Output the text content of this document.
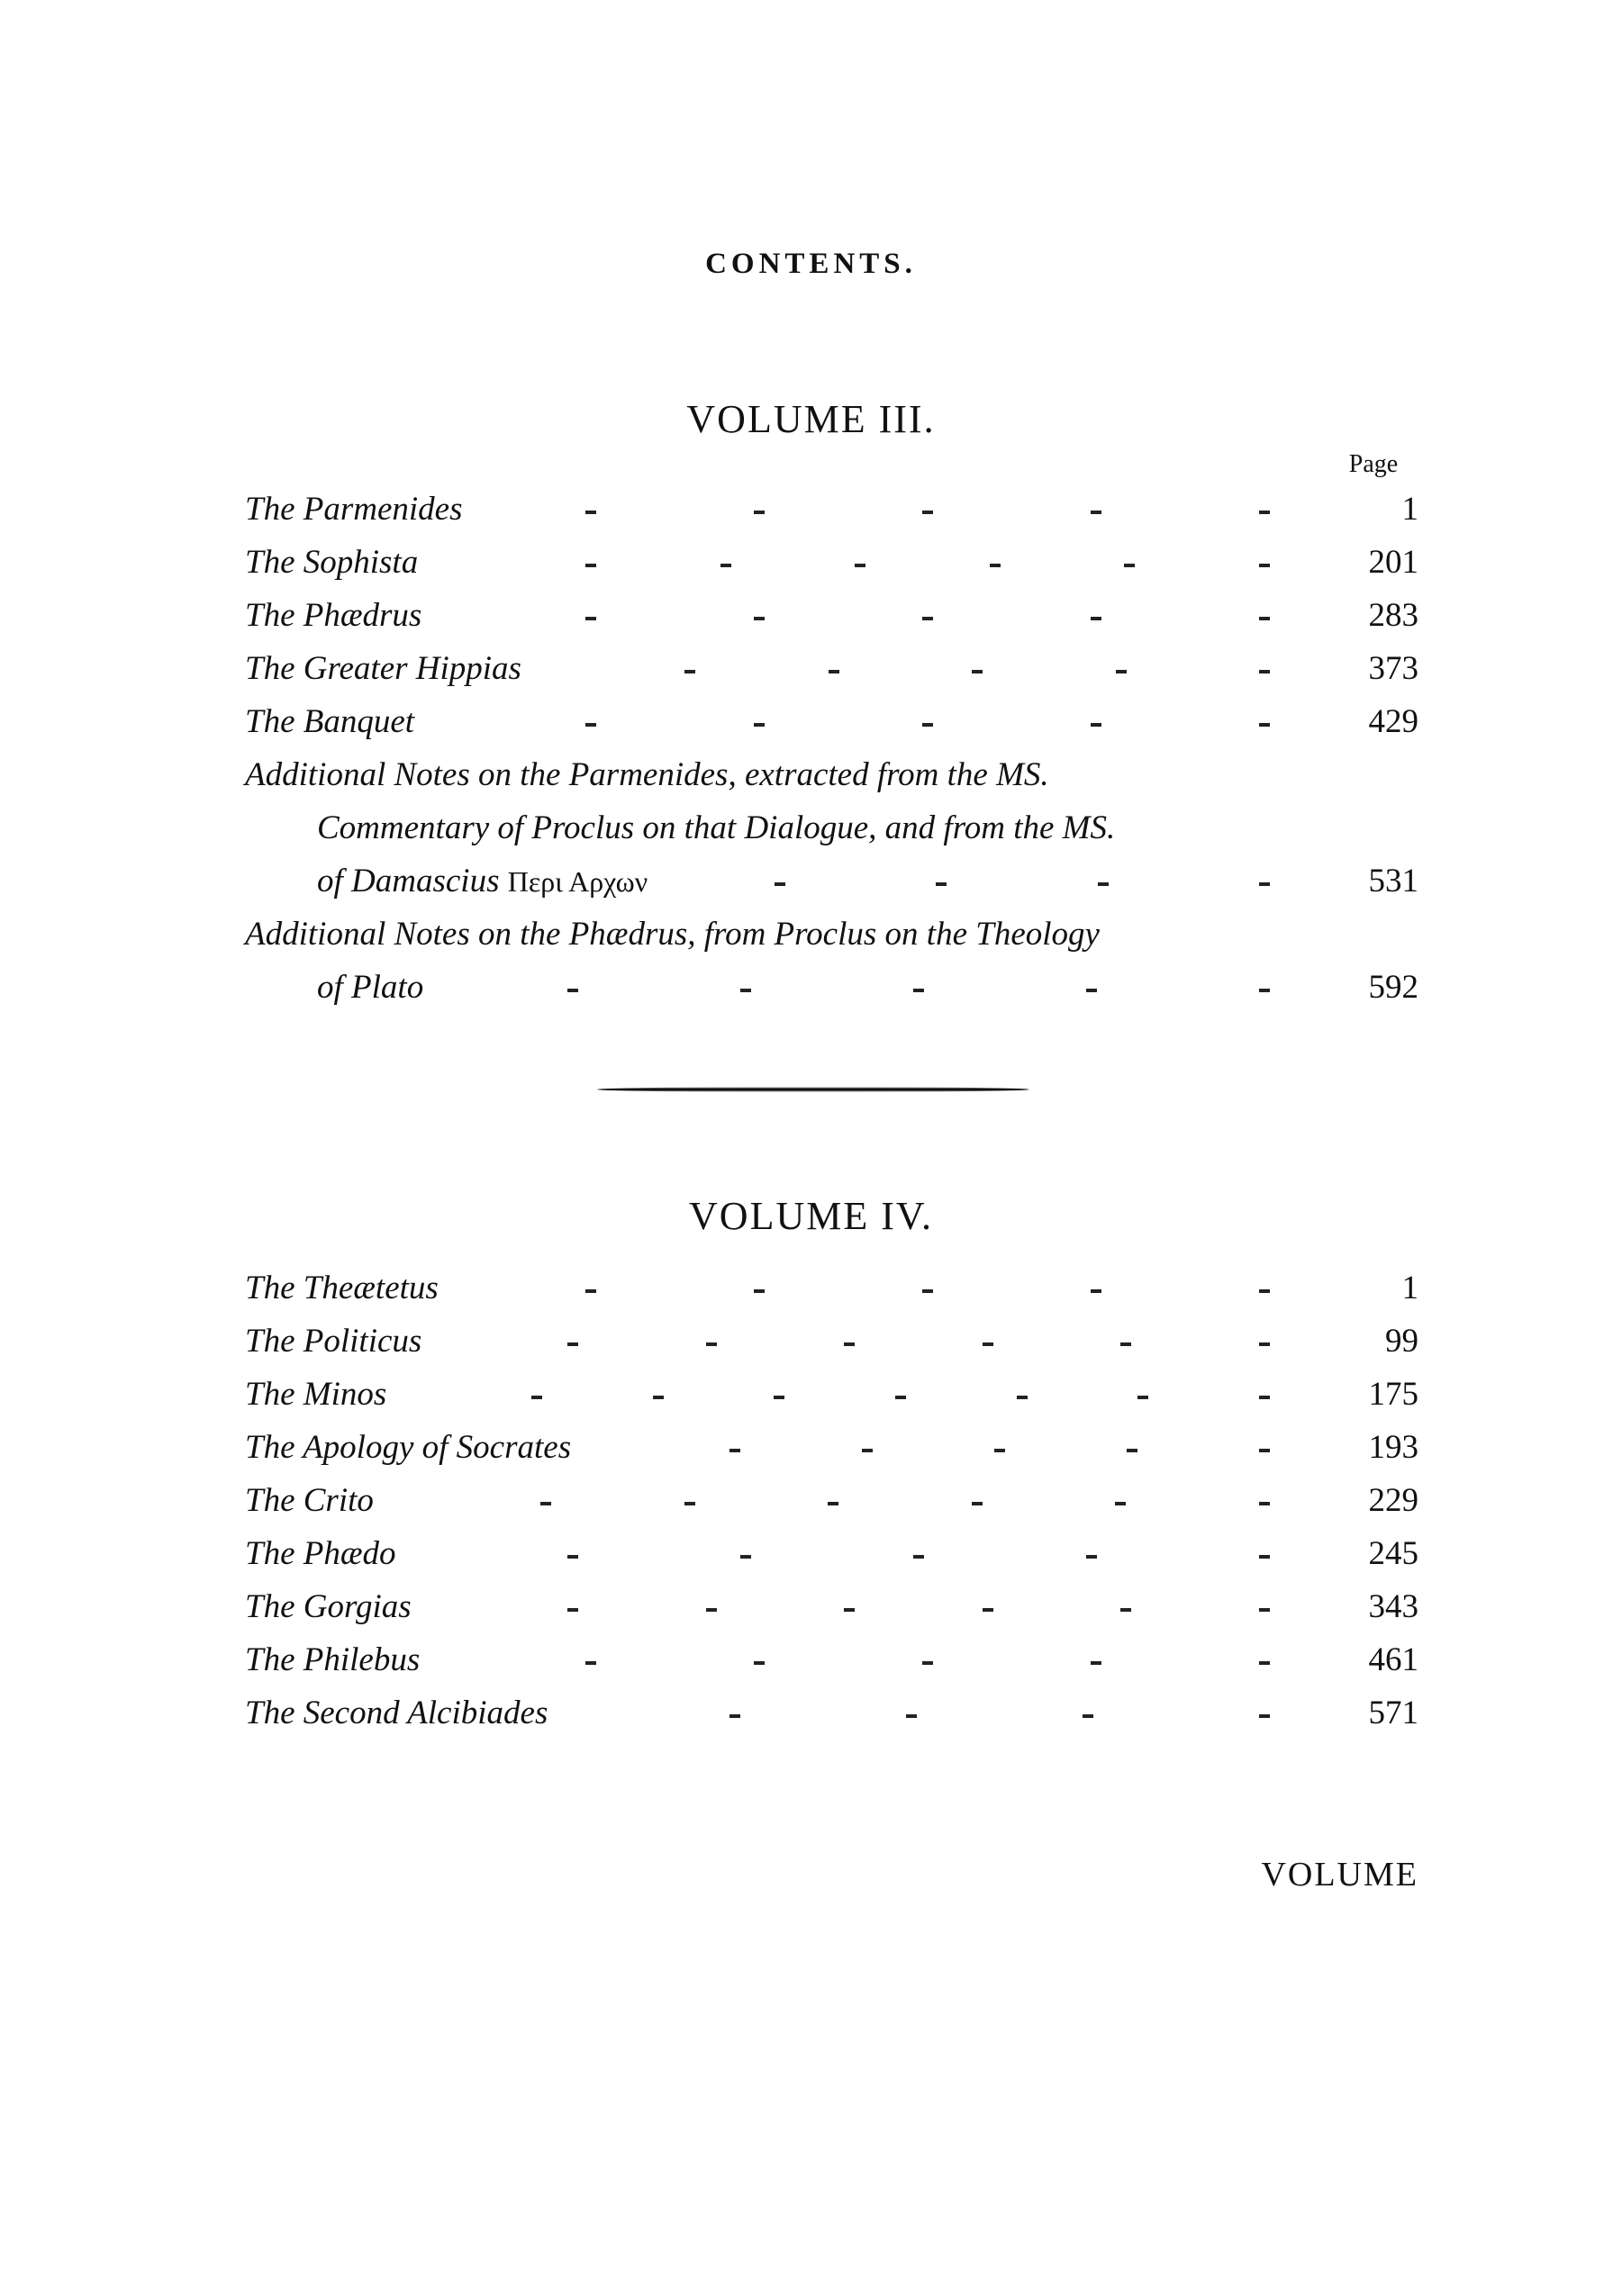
CONTENTS.
VOLUME III.
Page
The Parmenides	1
The Sophista	201
The Phædrus	283
The Greater Hippias	373
The Banquet	429
Additional Notes on the Parmenides, extracted from the MS.
Commentary of Proclus on that Dialogue, and from the MS.
of Damascius Περι Αρχων	531
Additional Notes on the Phædrus, from Proclus on the Theology
of Plato	592
VOLUME IV.
The Theætetus	1
The Politicus	99
The Minos	175
The Apology of Socrates	193
The Crito	229
The Phædo	245
The Gorgias	343
The Philebus	461
The Second Alcibiades	571
VOLUME
